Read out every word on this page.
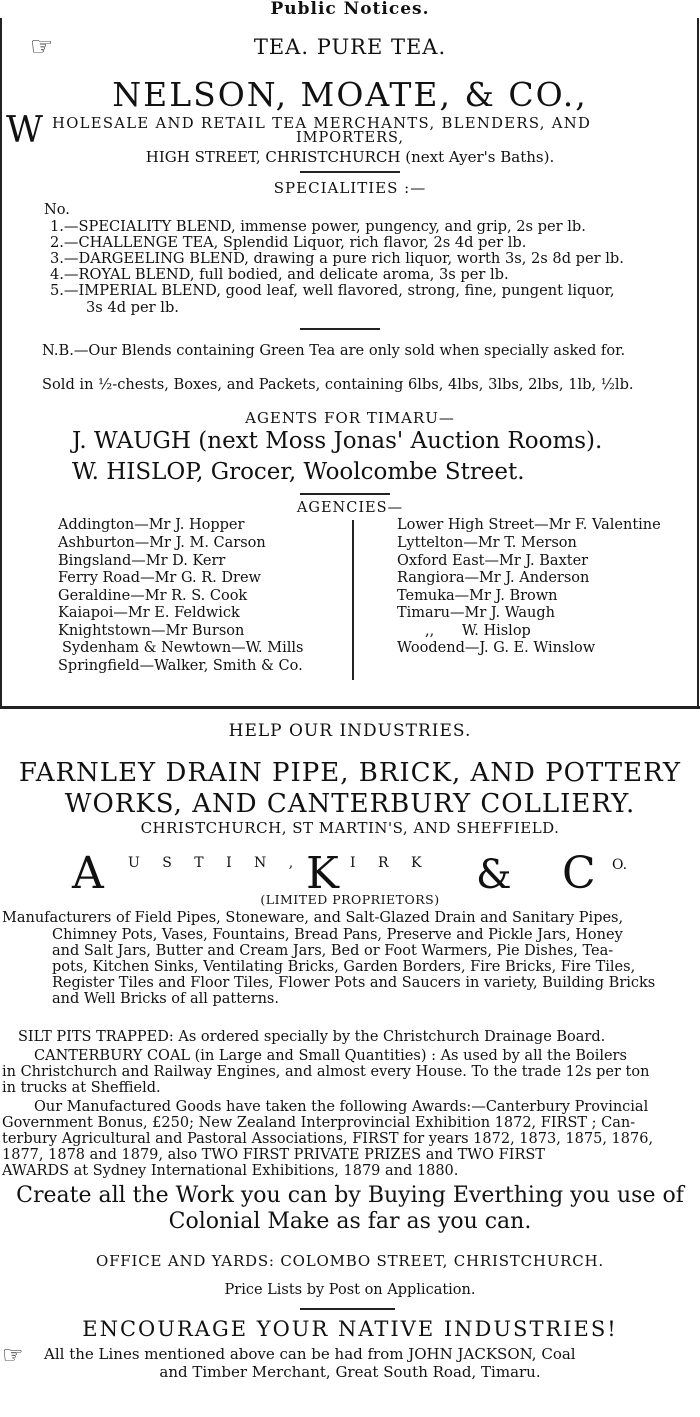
Public Notices.
☞	TEA. PURE TEA.
NELSON, MOATE, & CO.,
W HOLESALE AND RETAIL TEA MERCHANTS, BLENDERS, AND
IMPORTERS,
HIGH STREET, CHRISTCHURCH (next Ayer's Baths).
SPECIALITIES :—
No.
1.—SPECIALITY BLEND, immense power, pungency, and grip, 2s per lb.
2.—CHALLENGE TEA, Splendid Liquor, rich flavor, 2s 4d per lb.
3.—DARGEELING BLEND, drawing a pure rich liquor, worth 3s, 2s 8d per lb.
4.—ROYAL BLEND, full bodied, and delicate aroma, 3s per lb.
5.—IMPERIAL BLEND, good leaf, well flavored, strong, fine, pungent liquor,
3s 4d per lb.
N.B.—Our Blends containing Green Tea are only sold when specially asked for.
Sold in ½-chests, Boxes, and Packets, containing 6lbs, 4lbs, 3lbs, 2lbs, 1lb, ½lb.
AGENTS FOR TIMARU—
J. WAUGH (next Moss Jonas' Auction Rooms).
W. HISLOP, Grocer, Woolcombe Street.
AGENCIES—
Addington—Mr J. Hopper
Ashburton—Mr J. M. Carson
Bingsland—Mr D. Kerr
Ferry Road—Mr G. R. Drew
Geraldine—Mr R. S. Cook
Kaiapoi—Mr E. Feldwick
Knightstown—Mr Burson
Sydenham & Newtown—W. Mills
Springfield—Walker, Smith & Co.
Lower High Street—Mr F. Valentine
Lyttelton—Mr T. Merson
Oxford East—Mr J. Baxter
Rangiora—Mr J. Anderson
Temuka—Mr J. Brown
Timaru—Mr J. Waugh
,,      W. Hislop
Woodend—J. G. E. Winslow
HELP OUR INDUSTRIES.
FARNLEY DRAIN PIPE, BRICK, AND POTTERY
WORKS, AND CANTERBURY COLLIERY.
CHRISTCHURCH, ST MARTIN'S, AND SHEFFIELD.
A U S T I N , K I R K & C O.
(LIMITED PROPRIETORS)
Manufacturers of Field Pipes, Stoneware, and Salt-Glazed Drain and Sanitary Pipes,
Chimney Pots, Vases, Fountains, Bread Pans, Preserve and Pickle Jars, Honey
and Salt Jars, Butter and Cream Jars, Bed or Foot Warmers, Pie Dishes, Tea-
pots, Kitchen Sinks, Ventilating Bricks, Garden Borders, Fire Bricks, Fire Tiles,
Register Tiles and Floor Tiles, Flower Pots and Saucers in variety, Building Bricks
and Well Bricks of all patterns.
SILT PITS TRAPPED: As ordered specially by the Christchurch Drainage Board.
CANTERBURY COAL (in Large and Small Quantities) : As used by all the Boilers
in Christchurch and Railway Engines, and almost every House. To the trade 12s per ton
in trucks at Sheffield.
Our Manufactured Goods have taken the following Awards:—Canterbury Provincial
Government Bonus, £250; New Zealand Interprovincial Exhibition 1872, FIRST ; Can-
terbury Agricultural and Pastoral Associations, FIRST for years 1872, 1873, 1875, 1876,
1877, 1878 and 1879, also TWO FIRST PRIVATE PRIZES and TWO FIRST
AWARDS at Sydney International Exhibitions, 1879 and 1880.
Create all the Work you can by Buying Everthing you use of
Colonial Make as far as you can.
OFFICE AND YARDS: COLOMBO STREET, CHRISTCHURCH.
Price Lists by Post on Application.
ENCOURAGE YOUR NATIVE INDUSTRIES!
☞ All the Lines mentioned above can be had from JOHN JACKSON, Coal
and Timber Merchant, Great South Road, Timaru.
